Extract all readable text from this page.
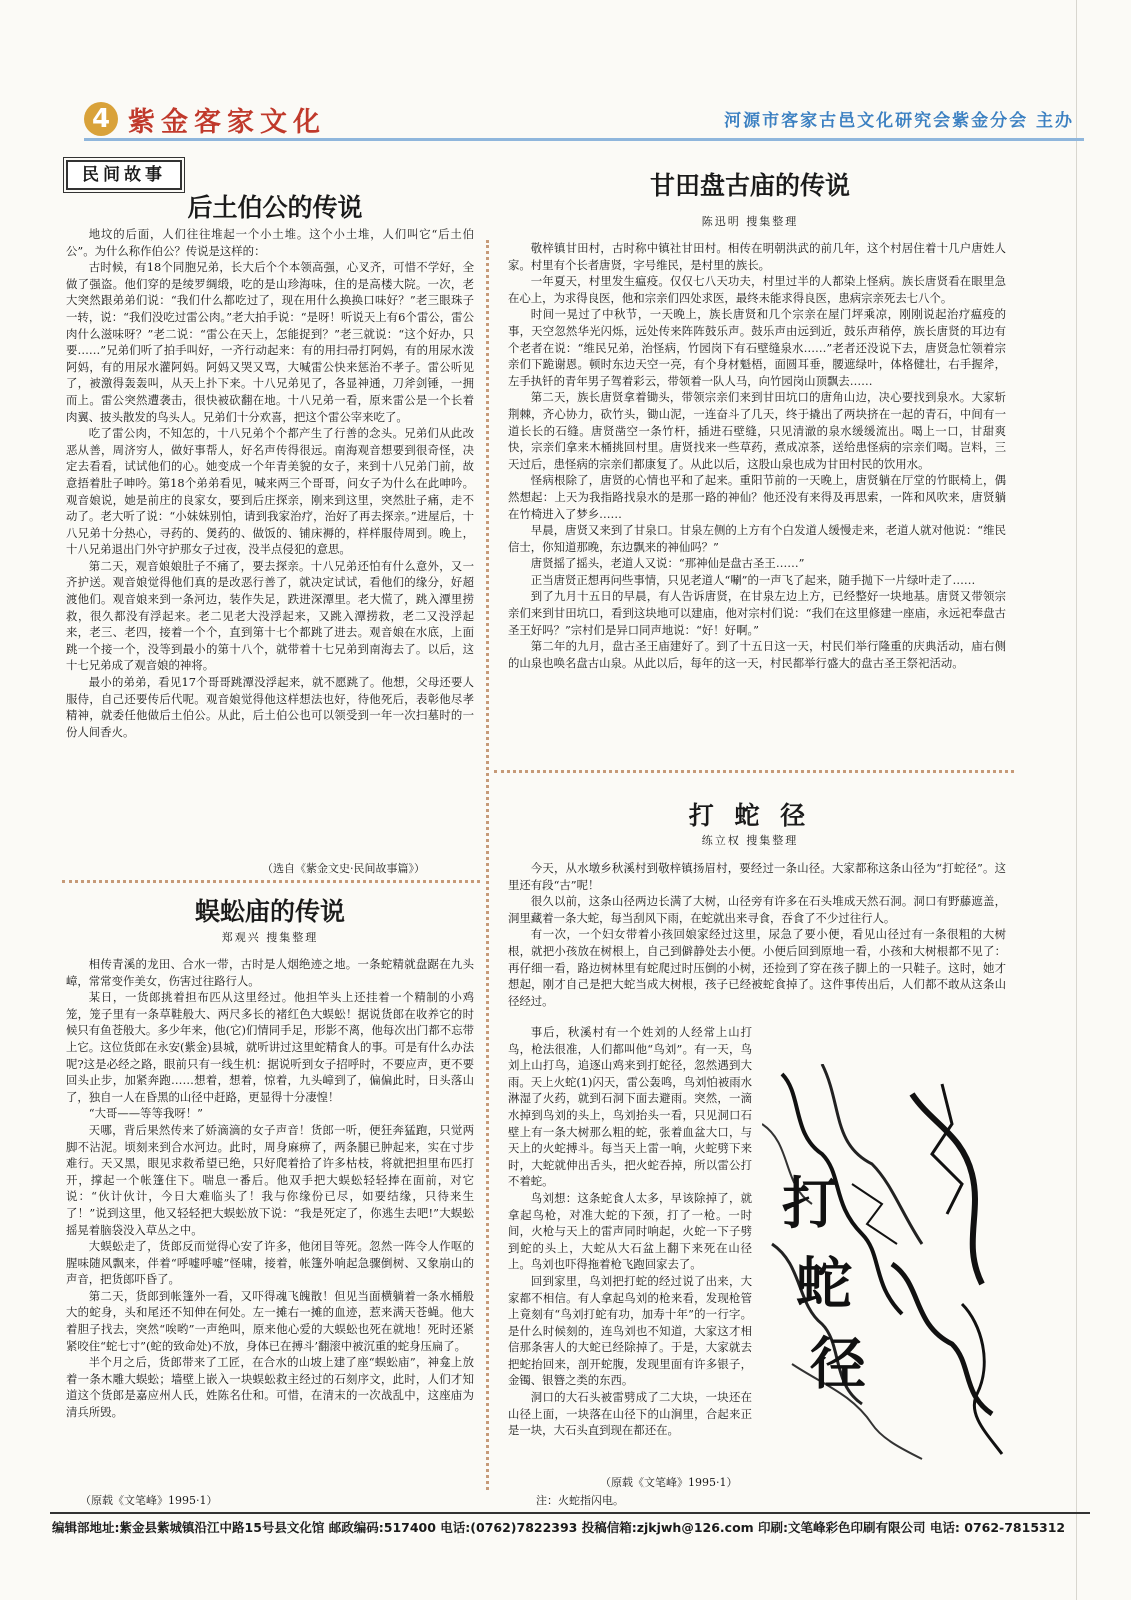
4 紫金客家文化	河源市客家古邑文化研究会紫金分会 主办
民间故事
后土伯公的传说

地坟的后面，人们往往堆起一个小土堆。这个小土堆，人们叫它“后土伯公”。为什么称作伯公？传说是这样的：

古时候，有18个同胞兄弟，长大后个个本领高强，心叉齐，可惜不学好，全做了强盗。他们穿的是绫罗绸缎，吃的是山珍海味，住的是高楼大院。一次，老大突然跟弟弟们说：“我们什么都吃过了，现在用什么换换口味好？”老三眼珠子一转，说：“我们没吃过雷公肉。”老大拍手说：“是呀！听说天上有6个雷公，雷公肉什么滋味呀？”老二说：“雷公在天上，怎能捉到？”老三就说：“这个好办，只要……”兄弟们听了拍手叫好，一齐行动起来：有的用扫帚打阿妈，有的用尿水泼阿妈，有的用尿水灌阿妈。阿妈又哭又骂，大喊雷公快来惩治不孝子。雷公听见了，被激得轰轰叫，从天上扑下来。十八兄弟见了，各显神通，刀斧剑锤，一拥而上。雷公突然遭袭击，很快被砍翻在地。十八兄弟一看，原来雷公是一个长着肉翼、披头散发的鸟头人。兄弟们十分欢喜，把这个雷公宰来吃了。

吃了雷公肉，不知怎的，十八兄弟个个都产生了行善的念头。兄弟们从此改恶从善，周济穷人，做好事帮人，好名声传得很远。南海观音想要到很奇怪，决定去看看，试试他们的心。她变成一个年青美貌的女子，来到十八兄弟门前，故意捂着肚子呻吟。第18个弟弟看见，喊来两三个哥哥，问女子为什么在此呻吟。观音娘说，她是前庄的良家女，要到后庄探亲，刚来到这里，突然肚子痛，走不动了。老大听了说：“小妹妹别怕，请到我家治疗，治好了再去探亲。”进屋后，十八兄弟十分热心，寻药的、煲药的、做饭的、铺床褥的，样样服侍周到。晚上，十八兄弟退出门外守护那女子过夜，没半点侵犯的意思。

第二天，观音娘娘肚子不痛了，要去探亲。十八兄弟还怕有什么意外，又一齐护送。观音娘觉得他们真的是改恶行善了，就决定试试，看他们的缘分，好超渡他们。观音娘来到一条河边，装作失足，跌进深潭里。老大慌了，跳入潭里捞救，很久都没有浮起来。老二见老大没浮起来，又跳入潭捞救，老二又没浮起来，老三、老四，接着一个个，直到第十七个都跳了进去。观音娘在水底，上面跳一个接一个，没等到最小的第十八个，就带着十七兄弟到南海去了。以后，这十七兄弟成了观音娘的神将。

最小的弟弟，看见17个哥哥跳潭没浮起来，就不愿跳了。他想，父母还要人服侍，自己还要传后代呢。观音娘觉得他这样想法也好，待他死后，表彰他尽孝精神，就委任他做后土伯公。从此，后土伯公也可以领受到一年一次扫墓时的一份人间香火。

（选自《紫金文史·民间故事篇》）
蜈蚣庙的传说
郑观兴 搜集整理

相传青溪的龙田、合水一带，古时是人烟绝迹之地。一条蛇精就盘踞在九头嶂，常常变作美女，伤害过往路行人。

某日，一货郎挑着担布匹从这里经过。他担竿头上还挂着一个精制的小鸡笼，笼子里有一条草鞋般大、两尺多长的褚红色大蜈蚣！据说货郎在收养它的时候只有鱼苍般大。多少年来，他(它)们情同手足，形影不离，他每次出门都不忘带上它。这位货郎在永安(紫金)县城，就听讲过这里蛇精食人的事。可是有什么办法呢?这是必经之路，眼前只有一线生机：据说听到女子招呼时，不要应声，更不要回头止步，加紧奔跑……想着，想着，惊着，九头嶂到了，偏偏此时，日头落山了，独自一人在昏黑的山径中赶路，更显得十分凄惶！

“大哥——等等我呀！”

天哪，背后果然传来了娇滴滴的女子声音！货郎一听，便狂奔猛跑，只觉两脚不沾泥。顷刻来到合水河边。此时，周身麻痹了，两条腿已肿起来，实在寸步难行。天又黑，眼见求救希望已绝，只好爬着拾了许多枯枝，将就把担里布匹打开，撑起一个帐篷住下。喘息一番后。他双手把大蜈蚣轻轻捧在面前，对它说：“伙计伙计，今日大难临头了！我与你缘份已尽，如要结缘，只待来生了！”说到这里，他又轻轻把大蜈蚣放下说：“我是死定了，你逃生去吧!”大蜈蚣摇晃着脑袋没入草丛之中。

大蜈蚣走了，货郎反而觉得心安了许多，他闭目等死。忽然一阵令人作呕的腥味随风飘来，伴着“呼嘘呼嘘”怪啸，接着，帐篷外响起急骤倒树、又象崩山的声音，把货郎吓昏了。

第二天，货郎到帐篷外一看，又吓得魂飞魄散！但见当面横躺着一条水桶般大的蛇身，头和尾还不知伸在何处。左一摊右一摊的血迹，惹来满天苍蝇。他大着胆子找去，突然“唉哟”一声绝叫，原来他心爱的大蜈蚣也死在就地！死时还紧紧咬住“蛇七寸”(蛇的致命处)不放，身体已在搏斗’翻滚中被沉重的蛇身压扁了。

半个月之后，货郎带来了工匠，在合水的山坡上建了座“蜈蚣庙”，神龛上放着一条木雕大蜈蚣；墙壁上嵌入一块蜈蚣救主经过的石刻序文，此时，人们才知道这个货郎是嘉应州人氏，姓陈名仕和。可惜，在清末的一次战乱中，这座庙为清兵所毁。

（原载《文笔峰》1995·1）
甘田盘古庙的传说
陈迅明 搜集整理

敬梓镇甘田村，古时称中镇社甘田村。相传在明朝洪武的前几年，这个村居住着十几户唐姓人家。村里有个长者唐贤，字号维民，是村里的族长。

一年夏天，村里发生瘟疫。仅仅七八天功夫，村里过半的人都染上怪病。族长唐贤看在眼里急在心上，为求得良医，他和宗亲们四处求医，最终未能求得良医，患病宗亲死去七八个。

时间一晃过了中秋节，一天晚上，族长唐贤和几个宗亲在屋门坪乘凉，刚刚说起治疗瘟疫的事，天空忽然华光闪烁，远处传来阵阵鼓乐声。鼓乐声由远到近，鼓乐声稍停，族长唐贤的耳边有个老者在说：“维民兄弟，治怪病，竹园岗下有石壁缝泉水……”老者还没说下去，唐贤急忙领着宗亲们下跪谢恩。顿时东边天空一亮，有个身材魁梧，面圆耳垂，腰遮绿叶，体格健壮，右手握斧，左手执钎的青年男子驾着彩云，带领着一队人马，向竹园岗山顶飘去……

第二天，族长唐贤拿着锄头，带领宗亲们来到甘田坑口的唐角山边，决心要找到泉水。大家斩荆棘，齐心协力，砍竹头，锄山泥，一连奋斗了几天，终于撬出了两块挤在一起的青石，中间有一道长长的石缝。唐贤凿空一条竹杆，插进石壁缝，只见清澈的泉水缓缓流出。喝上一口，甘甜爽快，宗亲们拿来木桶挑回村里。唐贤找来一些草药，煮成凉茶，送给患怪病的宗亲们喝。岂料，三天过后，患怪病的宗亲们都康复了。从此以后，这股山泉也成为甘田村民的饮用水。

怪病根除了，唐贤的心情也平和了起来。重阳节前的一天晚上，唐贤躺在厅堂的竹眠椅上，偶然想起：上天为我指路找泉水的是那一路的神仙？他还没有来得及再思索，一阵和风吹来，唐贤躺在竹椅进入了梦乡……

早晨，唐贤又来到了甘泉口。甘泉左侧的上方有个白发道人缓慢走来，老道人就对他说：“维民信士，你知道那晚，东边飘来的神仙吗？”

唐贤摇了摇头，老道人又说：“那神仙是盘古圣王……”

正当唐贤正想再问些事情，只见老道人“唰”的一声飞了起来，随手抛下一片绿叶走了……

到了九月十五日的早晨，有人告诉唐贤，在甘泉左边上方，已经整好一块地基。唐贤又带领宗亲们来到甘田坑口，看到这块地可以建庙，他对宗村们说：“我们在这里修建一座庙，永远祀奉盘古圣王好吗？”宗村们是异口同声地说：“好！好啊。”

第二年的九月，盘古圣王庙建好了。到了十五日这一天，村民们举行隆重的庆典活动，庙右侧的山泉也唤名盘古山泉。从此以后，每年的这一天，村民都举行盛大的盘古圣王祭祀活动。

打 蛇 径
练立权 搜集整理

今天，从水墩乡秋溪村到敬梓镇扬眉村，要经过一条山径。大家都称这条山径为“打蛇径”。这里还有段“古”呢！

很久以前，这条山径两边长满了大树，山径旁有许多在石头堆成天然石洞。洞口有野藤遮盖，洞里藏着一条大蛇，每当刮风下雨，在蛇就出来寻食，吞食了不少过往行人。

有一次，一个妇女带着小孩回娘家经过这里，尿急了要小便，看见山径过有一条很粗的大树根，就把小孩放在树根上，自己到僻静处去小便。小便后回到原地一看，小孩和大树根都不见了：再仔细一看，路边树林里有蛇爬过时压倒的小树，还捡到了穿在孩子脚上的一只鞋子。这时，她才想起，刚才自己是把大蛇当成大树根，孩子已经被蛇食掉了。这件事传出后，人们都不敢从这条山径经过。

事后，秋溪村有一个姓刘的人经常上山打鸟，枪法很准，人们都叫他“鸟刘”。有一天，鸟刘上山打鸟，追逐山鸡来到打蛇径，忽然遇到大雨。天上火蛇(1)闪天，雷公轰鸣，鸟刘怕被雨水淋湿了火药，就到石洞下面去避雨。突然，一滴水掉到鸟刘的头上，鸟刘抬头一看，只见洞口石壁上有一条大树那么粗的蛇，张着血盆大口，与天上的火蛇搏斗。每当天上雷一响，火蛇劈下来时，大蛇就伸出舌头，把火蛇吞掉，所以雷公打不着蛇。

鸟刘想：这条蛇食人太多，早该除掉了，就拿起鸟枪，对准大蛇的下颈，打了一枪。一时间，火枪与天上的雷声同时响起，火蛇一下子劈到蛇的头上，大蛇从大石盆上翻下来死在山径上。鸟刘也吓得拖着枪飞跑回家去了。

回到家里，鸟刘把打蛇的经过说了出来，大家都不相信。有人拿起鸟刘的枪来看，发现枪管上竟刻有“鸟刘打蛇有功，加寿十年”的一行字。是什么时候刻的，连鸟刘也不知道，大家这才相信那条害人的大蛇已经除掉了。于是，大家就去把蛇抬回来，剖开蛇腹，发现里面有许多银子，金镯、银簪之类的东西。

洞口的大石头被雷劈成了二大块，一块还在山径上面，一块落在山径下的山涧里，合起来正是一块，大石头直到现在都还在。

（原载《文笔峰》1995·1）
打
蛇
径
注：火蛇指闪电。
编辑部地址:紫金县紫城镇沿江中路15号县文化馆 邮政编码:517400 电话:(0762)7822393 投稿信箱:zjkjwh@126.com 印刷:文笔峰彩色印刷有限公司 电话: 0762-7815312
